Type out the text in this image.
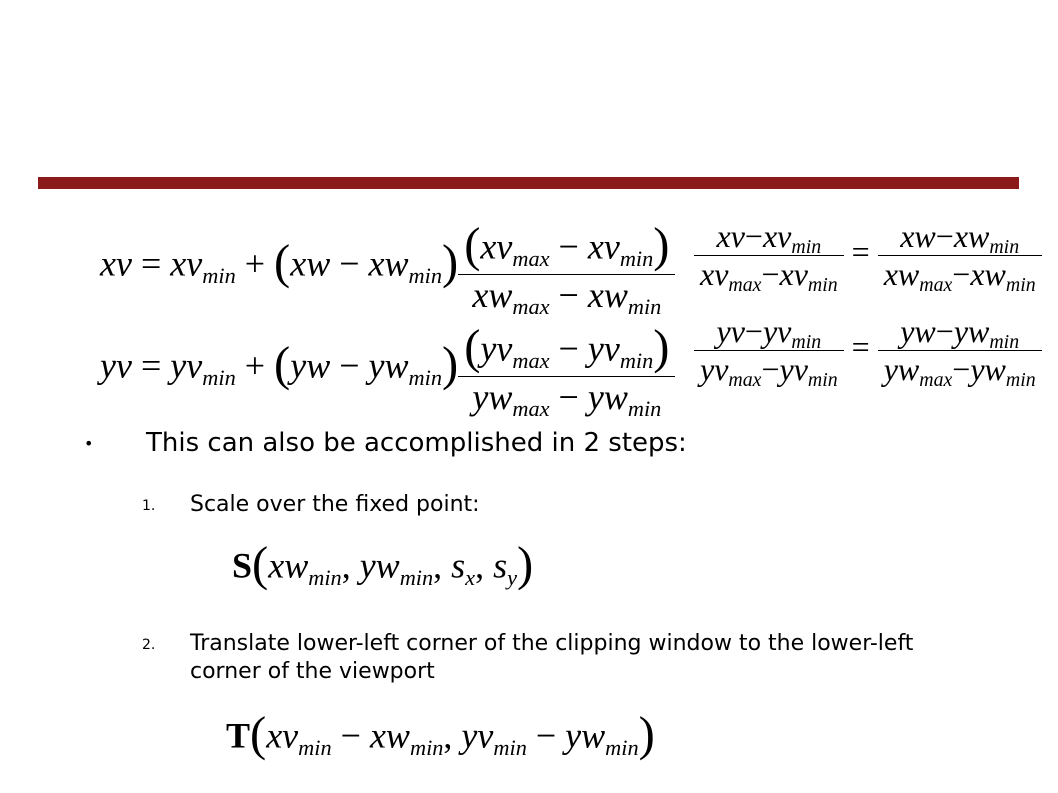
xv = $xvmin + (xw - xwmin) \frac{(xvmax - xvmin)}{xwmax - xwmin}$
yv = $yvmin + (yw - ywmin) \frac{(yvmax - yvmin)}{ywmax - ywmin}$
$\frac{xv-xvmin}{xvmax-xvmin} = \frac{xw-xwmin}{xwmax-xwmin}$
$\frac{yv-yvmin}{yvmax-yvmin} = \frac{yw-ywmin}{ywmax-ywmin}$
• This can also be accomplished in 2 steps:
1. Scale over the fixed point:
S(xwmin, ywmin, sx, sy)
2. Translate lower-left corner of the clipping window to the lower-left corner of the viewport
T(xvmin − xwmin, yvmin − ywmin)
